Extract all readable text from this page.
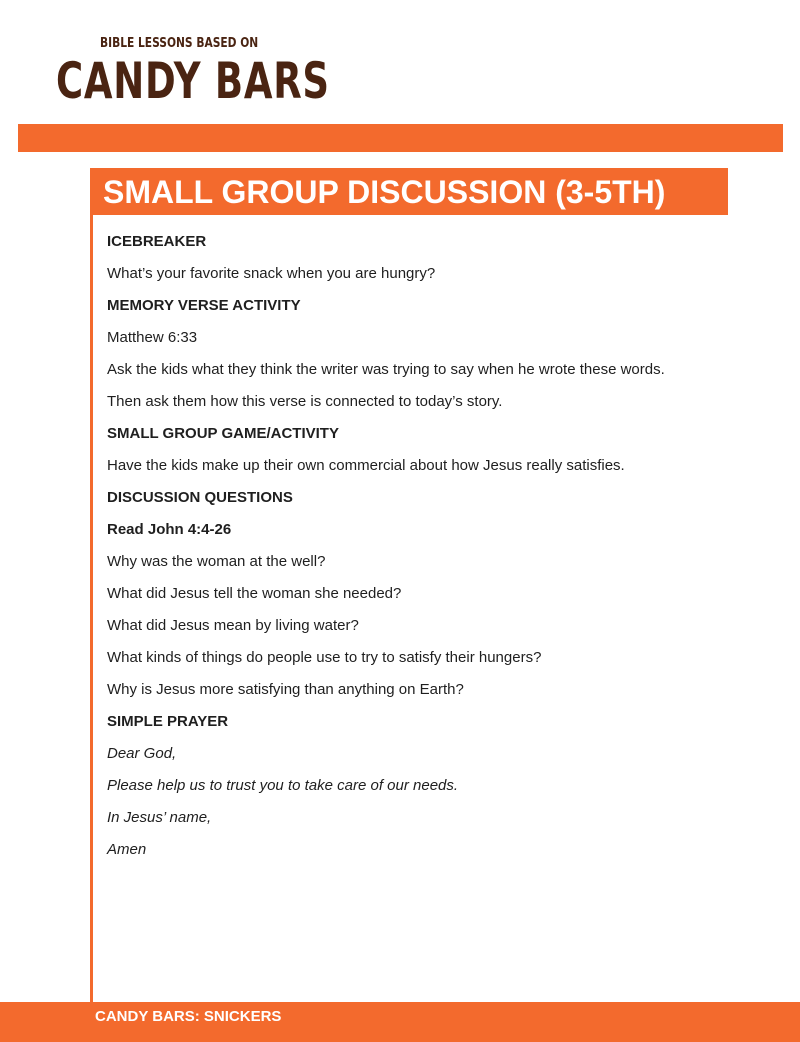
BIBLE LESSONS BASED ON
CANDY BARS
SMALL GROUP DISCUSSION (3-5TH)
ICEBREAKER
What’s your favorite snack when you are hungry?
MEMORY VERSE ACTIVITY
Matthew 6:33
Ask the kids what they think the writer was trying to say when he wrote these words.
Then ask them how this verse is connected to today’s story.
SMALL GROUP GAME/ACTIVITY
Have the kids make up their own commercial about how Jesus really satisfies.
DISCUSSION QUESTIONS
Read John 4:4-26
Why was the woman at the well?
What did Jesus tell the woman she needed?
What did Jesus mean by living water?
What kinds of things do people use to try to satisfy their hungers?
Why is Jesus more satisfying than anything on Earth?
SIMPLE PRAYER
Dear God,
Please help us to trust you to take care of our needs.
In Jesus’ name,
Amen
CANDY BARS: SNICKERS
